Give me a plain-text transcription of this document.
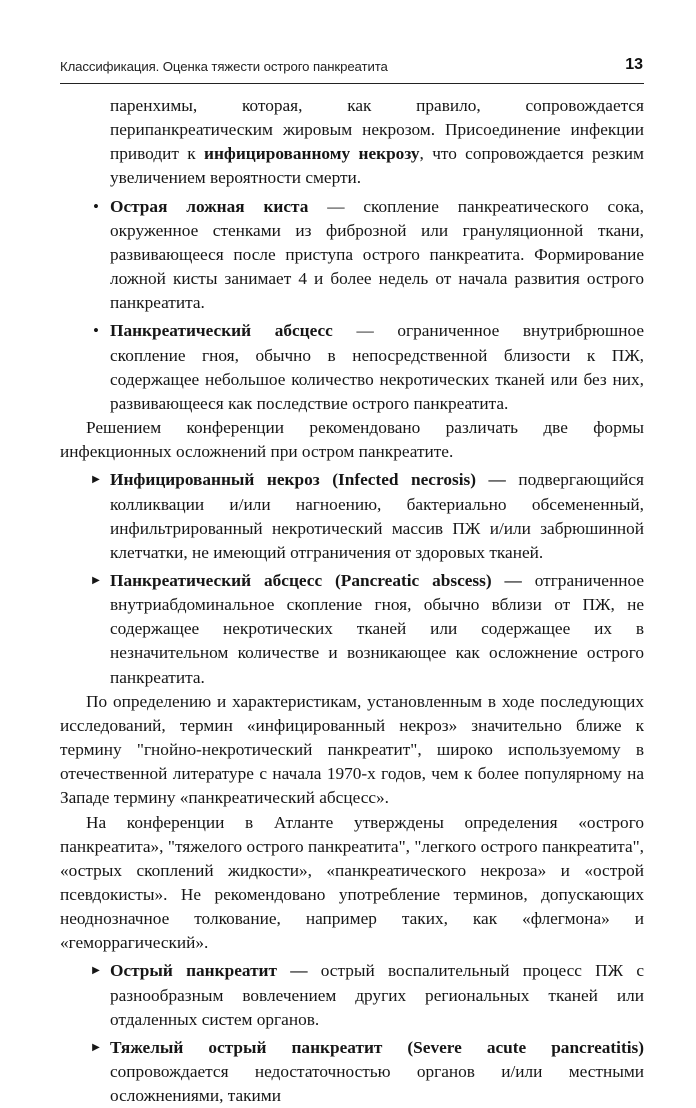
Классификация. Оценка тяжести острого панкреатита	13

паренхимы, которая, как правило, сопровождается перипанкреатическим жировым некрозом. Присоединение инфекции приводит к инфицированному некрозу, что сопровождается резким увеличением вероятности смерти.

• Острая ложная киста — скопление панкреатического сока, окруженное стенками из фиброзной или грануляционной ткани, развивающееся после приступа острого панкреатита. Формирование ложной кисты занимает 4 и более недель от начала развития острого панкреатита.

• Панкреатический абсцесс — ограниченное внутрибрюшное скопление гноя, обычно в непосредственной близости к ПЖ, содержащее небольшое количество некротических тканей или без них, развивающееся как последствие острого панкреатита.

Решением конференции рекомендовано различать две формы инфекционных осложнений при остром панкреатите.

▶ Инфицированный некроз (Infected necrosis) — подвергающийся колликвации и/или нагноению, бактериально обсемененный, инфильтрированный некротический массив ПЖ и/или забрюшинной клетчатки, не имеющий отграничения от здоровых тканей.

▶ Панкреатический абсцесс (Pancreatic abscess) — отграниченное внутриабдоминальное скопление гноя, обычно вблизи от ПЖ, не содержащее некротических тканей или содержащее их в незначительном количестве и возникающее как осложнение острого панкреатита.

По определению и характеристикам, установленным в ходе последующих исследований, термин «инфицированный некроз» значительно ближе к термину "гнойно-некротический панкреатит", широко используемому в отечественной литературе с начала 1970-х годов, чем к более популярному на Западе термину «панкреатический абсцесс».

На конференции в Атланте утверждены определения «острого панкреатита», "тяжелого острого панкреатита", "легкого острого панкреатита", «острых скоплений жидкости», «панкреатического некроза» и «острой псевдокисты». Не рекомендовано употребление терминов, допускающих неоднозначное толкование, например таких, как «флегмона» и «геморрагический».

▶ Острый панкреатит — острый воспалительный процесс ПЖ с разнообразным вовлечением других региональных тканей или отдаленных систем органов.

▶ Тяжелый острый панкреатит (Severe acute pancreatitis) сопровождается недостаточностью органов и/или местными осложнениями, такими
